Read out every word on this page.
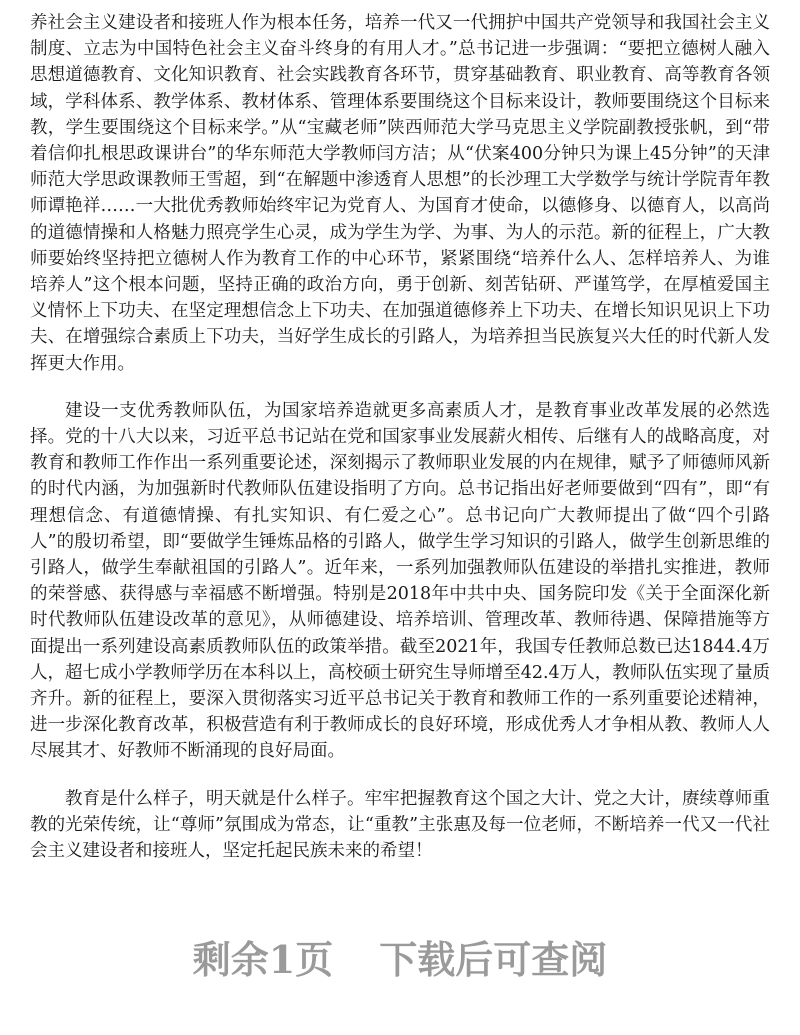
养社会主义建设者和接班人作为根本任务，培养一代又一代拥护中国共产党领导和我国社会主义制度、立志为中国特色社会主义奋斗终身的有用人才。”总书记进一步强调：“要把立德树人融入思想道德教育、文化知识教育、社会实践教育各环节，贯穿基础教育、职业教育、高等教育各领域，学科体系、教学体系、教材体系、管理体系要围绕这个目标来设计，教师要围绕这个目标来教，学生要围绕这个目标来学。”从“宝藏老师”陕西师范大学马克思主义学院副教授张帆，到“带着信仰扎根思政课讲台”的华东师范大学教师闫方洁；从“伏案400分钟只为课上45分钟”的天津师范大学思政课教师王雪超，到“在解题中渗透育人思想”的长沙理工大学数学与统计学院青年教师谭艳祥……一大批优秀教师始终牢记为党育人、为国育才使命，以德修身、以德育人，以高尚的道德情操和人格魅力照亮学生心灵，成为学生为学、为事、为人的示范。新的征程上，广大教师要始终坚持把立德树人作为教育工作的中心环节，紧紧围绕“培养什么人、怎样培养人、为谁培养人”这个根本问题，坚持正确的政治方向，勇于创新、刻苦钻研、严谨笃学，在厚植爱国主义情怀上下功夫、在坚定理想信念上下功夫、在加强道德修养上下功夫、在增长知识见识上下功夫、在增强综合素质上下功夫，当好学生成长的引路人，为培养担当民族复兴大任的时代新人发挥更大作用。

建设一支优秀教师队伍，为国家培养造就更多高素质人才，是教育事业改革发展的必然选择。党的十八大以来，习近平总书记站在党和国家事业发展薪火相传、后继有人的战略高度，对教育和教师工作作出一系列重要论述，深刻揭示了教师职业发展的内在规律，赋予了师德师风新的时代内涵，为加强新时代教师队伍建设指明了方向。总书记指出好老师要做到“四有”，即“有理想信念、有道德情操、有扎实知识、有仁爱之心”。总书记向广大教师提出了做“四个引路人”的殷切希望，即“要做学生锤炼品格的引路人，做学生学习知识的引路人，做学生创新思维的引路人，做学生奉献祖国的引路人”。近年来，一系列加强教师队伍建设的举措扎实推进，教师的荣誉感、获得感与幸福感不断增强。特别是2018年中共中央、国务院印发《关于全面深化新时代教师队伍建设改革的意见》，从师德建设、培养培训、管理改革、教师待遇、保障措施等方面提出一系列建设高素质教师队伍的政策举措。截至2021年，我国专任教师总数已达1844.4万人，超七成小学教师学历在本科以上，高校硕士研究生导师增至42.4万人，教师队伍实现了量质齐升。新的征程上，要深入贯彻落实习近平总书记关于教育和教师工作的一系列重要论述精神，进一步深化教育改革，积极营造有利于教师成长的良好环境，形成优秀人才争相从教、教师人人尽展其才、好教师不断涌现的良好局面。

教育是什么样子，明天就是什么样子。牢牢把握教育这个国之大计、党之大计，赓续尊师重教的光荣传统，让“尊师”氛围成为常态，让“重教”主张惠及每一位老师，不断培养一代又一代社会主义建设者和接班人，坚定托起民族未来的希望！

剩余1页 下载后可查阅
